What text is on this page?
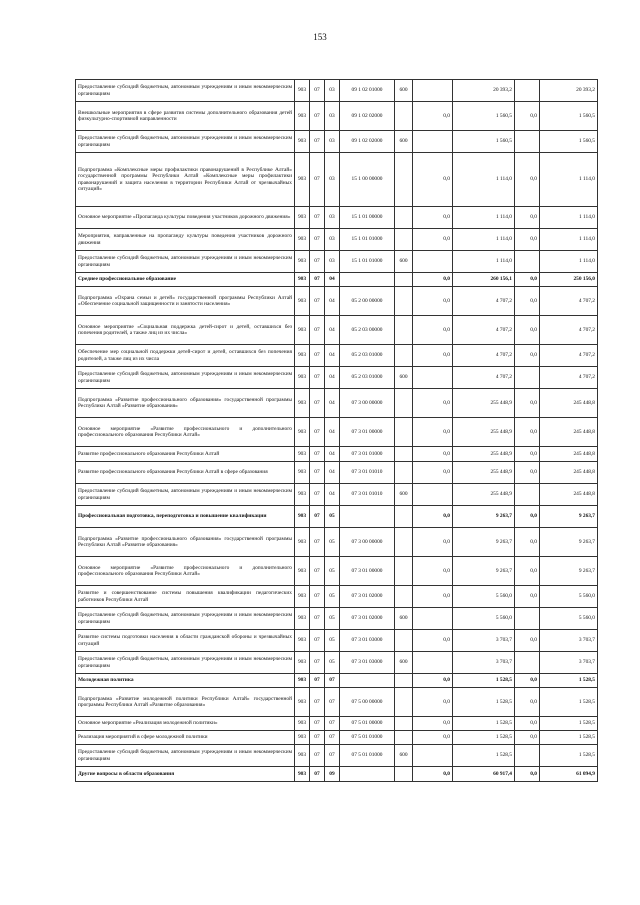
153
Предоставление субсидий бюджетным, автономным учреждениям и иным некоммерческим организациям	903	07	03	09 1 02 01000	600		20 393,2		20 393,2
Внешкольные мероприятия в сфере развития системы дополнительного образования детей физкультурно-спортивной направленности	903	07	03	09 1 02 02000		0,0	1 560,5	0,0	1 560,5
Предоставление субсидий бюджетным, автономным учреждениям и иным некоммерческим организациям	903	07	03	09 1 02 02000	600		1 560,5		1 560,5
Подпрограмма «Комплексные меры профилактики правонарушений в Республике Алтай» государственной программы Республики Алтай «Комплексные меры профилактики правонарушений и защита населения в территории Республики Алтай от чрезвычайных ситуаций»	903	07	03	15 1 00 00000		0,0	1 114,0	0,0	1 114,0
Основное мероприятие «Пропаганда культуры поведения участников дорожного движения»	903	07	03	15 1 01 00000		0,0	1 114,0	0,0	1 114,0
Мероприятия, направленные на пропаганду культуры поведения участников дорожного движения	903	07	03	15 1 01 01000		0,0	1 114,0	0,0	1 114,0
Предоставление субсидий бюджетным, автономным учреждениям и иным некоммерческим организациям	903	07	03	15 1 01 01000	600		1 114,0		1 114,0
Среднее профессиональное образование	903	07	04			0,0	260 156,1	0,0	250 156,0
Подпрограмма «Охрана семьи и детей» государственной программы Республики Алтай «Обеспечение социальной защищенности и занятости населения»	903	07	04	05 2 00 00000		0,0	4 707,2	0,0	4 707,2
Основное мероприятие «Социальная поддержка детей-сирот и детей, оставшихся без попечения родителей, а также лиц из их числа»	903	07	04	05 2 03 00000		0,0	4 707,2	0,0	4 707,2
Обеспечение мер социальной поддержки детей-сирот и детей, оставшихся без попечения родителей, а также лиц из их числа	903	07	04	05 2 03 01000		0,0	4 707,2	0,0	4 707,2
Предоставление субсидий бюджетным, автономным учреждениям и иным некоммерческим организациям	903	07	04	05 2 03 01000	600		4 707,2		4 707,2
Подпрограмма «Развитие профессионального образования» государственной программы Республики Алтай «Развитие образования»	903	07	04	07 3 00 00000		0,0	255 448,9	0,0	245 448,8
Основное мероприятие «Развитие профессионального и дополнительного профессионального образования Республики Алтай»	903	07	04	07 3 01 00000		0,0	255 448,9	0,0	245 448,8
Развитие профессионального образования Республики Алтай	903	07	04	07 3 01 01000		0,0	255 448,9	0,0	245 448,8
Развитие профессионального образования Республики Алтай в сфере образования	903	07	04	07 3 01 01010		0,0	255 448,9	0,0	245 448,8
Предоставление субсидий бюджетным, автономным учреждениям и иным некоммерческим организациям	903	07	04	07 3 01 01010	600		255 448,9		245 448,8
Профессиональная подготовка, переподготовка и повышение квалификации	903	07	05			0,0	9 263,7	0,0	9 263,7
Подпрограмма «Развитие профессионального образования» государственной программы Республики Алтай «Развитие образования»	903	07	05	07 3 00 00000		0,0	9 263,7	0,0	9 263,7
Основное мероприятие «Развитие профессионального и дополнительного профессионального образования Республики Алтай»	903	07	05	07 3 01 00000		0,0	9 263,7	0,0	9 263,7
Развитие и совершенствование системы повышения квалификации педагогических работников Республики Алтай	903	07	05	07 3 01 02000		0,0	5 560,0	0,0	5 560,0
Предоставление субсидий бюджетным, автономным учреждениям и иным некоммерческим организациям	903	07	05	07 3 01 02000	600		5 560,0		5 560,0
Развитие системы подготовки населения в области гражданской обороны и чрезвычайных ситуаций	903	07	05	07 3 01 03000		0,0	3 703,7	0,0	3 703,7
Предоставление субсидий бюджетным, автономным учреждениям и иным некоммерческим организациям	903	07	05	07 3 01 03000	600		3 703,7		3 703,7
Молодежная политика	903	07	07			0,0	1 528,5	0,0	1 528,5
Подпрограмма «Развитие молодежной политики Республики Алтай» государственной программы Республики Алтай «Развитие образования»	903	07	07	07 5 00 00000		0,0	1 528,5	0,0	1 528,5
Основное мероприятие «Реализация молодежной политики»	903	07	07	07 5 01 00000		0,0	1 528,5	0,0	1 528,5
Реализация мероприятий в сфере молодежной политики	903	07	07	07 5 01 01000		0,0	1 528,5	0,0	1 528,5
Предоставление субсидий бюджетным, автономным учреждениям и иным некоммерческим организациям	903	07	07	07 5 01 01000	600		1 528,5		1 528,5
Другие вопросы в области образования	903	07	09			0,0	60 917,4	0,0	61 094,9
